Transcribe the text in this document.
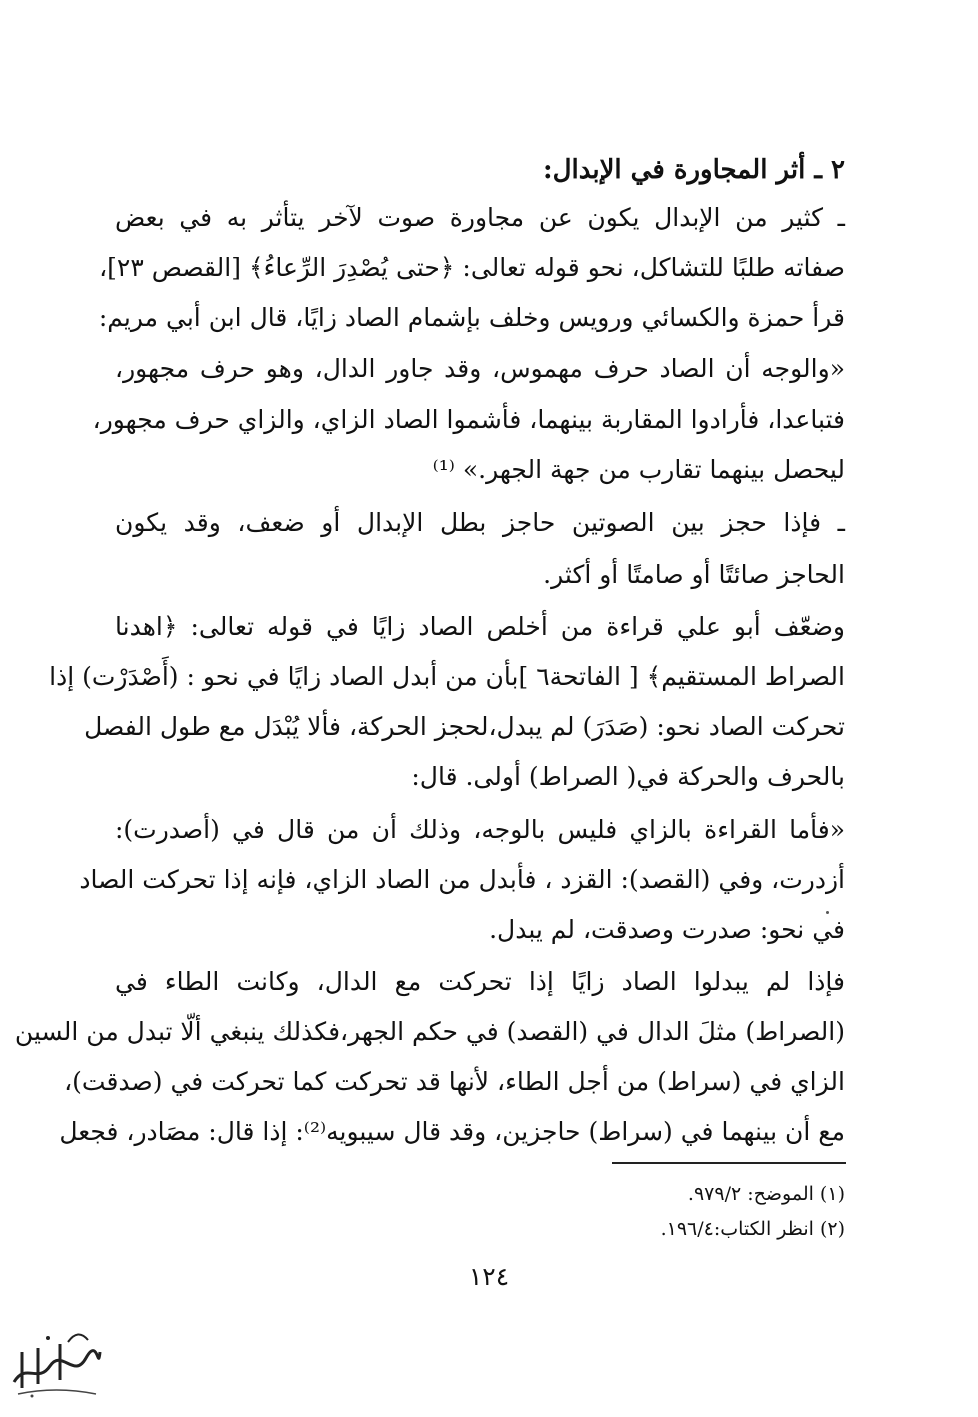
٢ ـ أثر المجاورة في الإبدال:
ـ كثير من الإبدال يكون عن مجاورة صوت لآخر يتأثر به في بعض
صفاته طلبًا للتشاكل، نحو قوله تعالى: ﴿حتى يُصْدِرَ الرِّعاءُ﴾ [القصص ٢٣]،
قرأ حمزة والكسائي ورويس وخلف بإشمام الصاد زايًا، قال ابن أبي مريم:
«والوجه أن الصاد حرف مهموس، وقد جاور الدال، وهو حرف مجهور،
فتباعدا، فأرادوا المقاربة بينهما، فأشموا الصاد الزاي، والزاي حرف مجهور،
ليحصل بينهما تقارب من جهة الجهر.» ⁽¹⁾
ـ فإذا حجز بين الصوتين حاجز بطل الإبدال أو ضعف، وقد يكون
الحاجز صائتًا أو صامتًا أو أكثر.
وضعّف أبو علي قراءة من أخلص الصاد زايًا في قوله تعالى: ﴿اهدنا
الصراط المستقيم﴾ [ الفاتحة٦ ]بأن من أبدل الصاد زايًا في نحو : (أَصْدَرْت) إذا
تحركت الصاد نحو: (صَدَرَ) لم يبدل،لحجز الحركة، فألا يُبْدَل مع طول الفصل
بالحرف والحركة في( الصراط) أولى. قال:
«فأما القراءة بالزاي فليس بالوجه، وذلك أن من قال في (أصدرت):
أزدرت، وفي (القصد): القزد ، فأبدل من الصاد الزاي، فإنه إذا تحركت الصاد
في نحو: صدرت وصدقت، لم يبدل.
فإذا لم يبدلوا الصاد زايًا إذا تحركت مع الدال، وكانت الطاء في
(الصراط) مثلَ الدال في (القصد) في حكم الجهر،فكذلك ينبغي ألّا تبدل من السين
الزاي في (سراط) من أجل الطاء، لأنها قد تحركت كما تحركت في (صدقت)،
مع أن بينهما في (سراط) حاجزين، وقد قال سيبويه⁽²⁾: إذا قال: مصَادر، فجعل
(١) الموضح: ٩٧٩/٢.
(٢) انظر الكتاب:١٩٦/٤.
١٢٤
